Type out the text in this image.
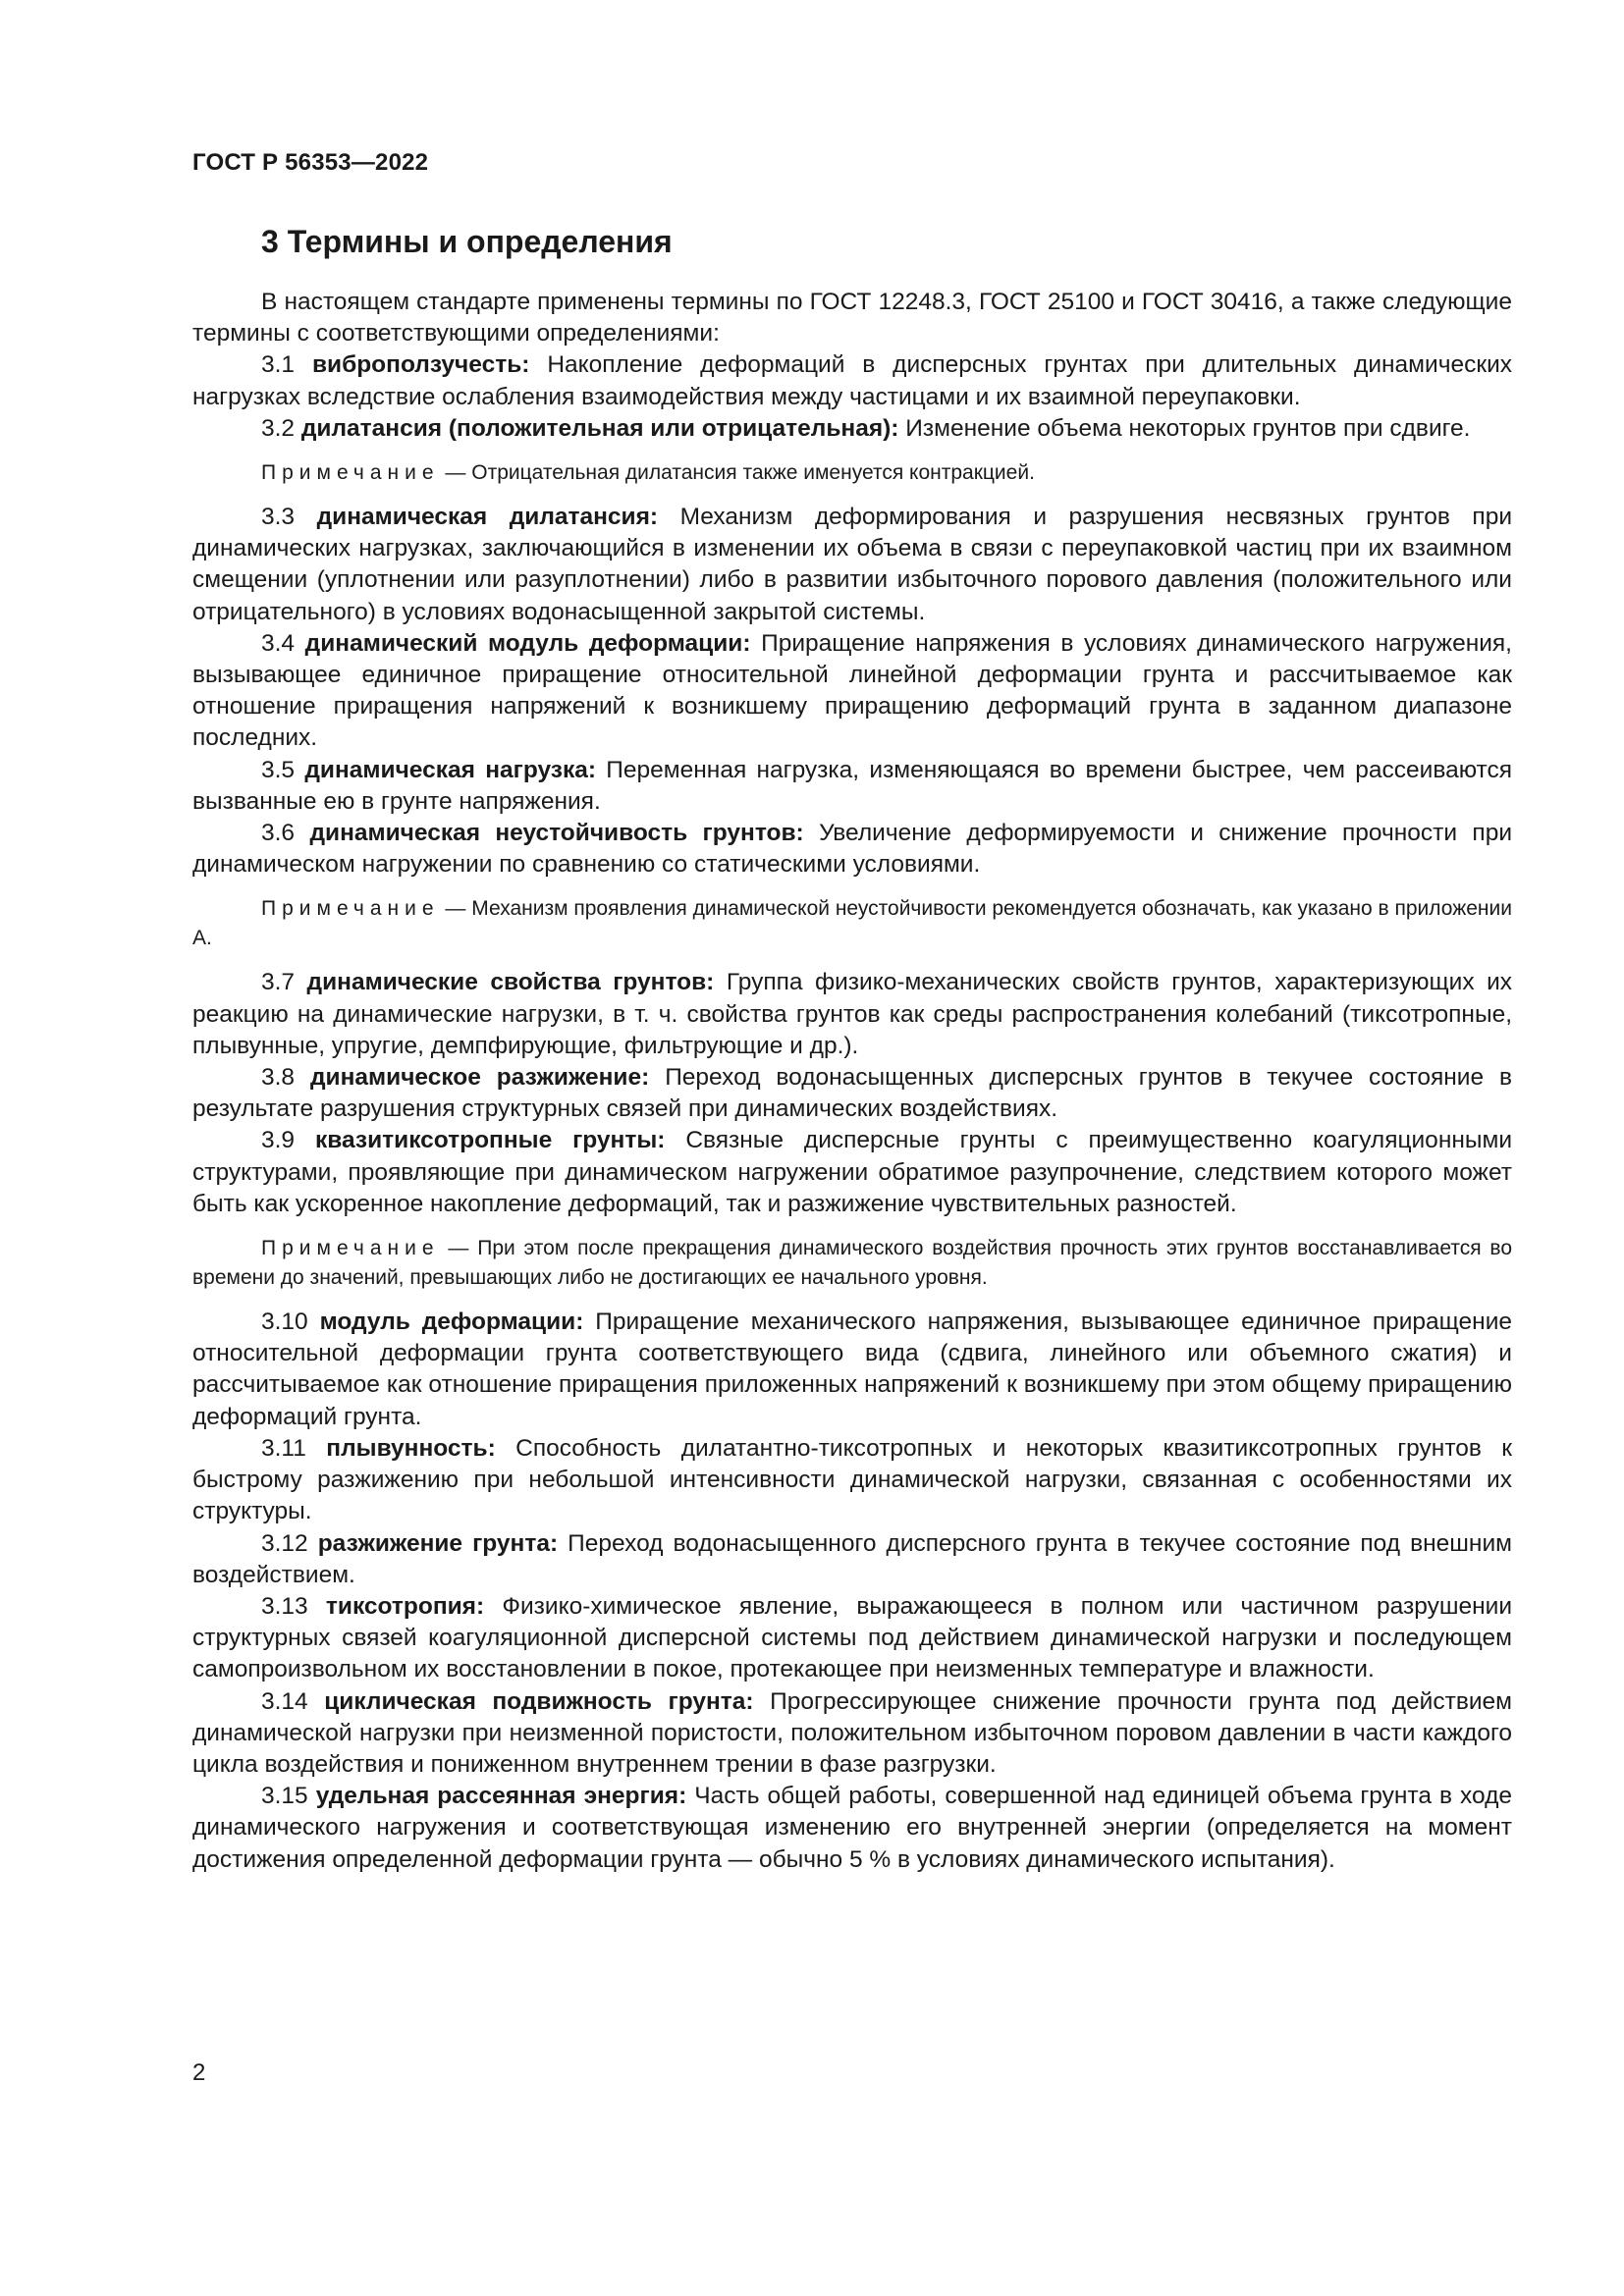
ГОСТ Р 56353—2022
3 Термины и определения

В настоящем стандарте применены термины по ГОСТ 12248.3, ГОСТ 25100 и ГОСТ 30416, а также следующие термины с соответствующими определениями:

3.1 виброползучесть: Накопление деформаций в дисперсных грунтах при длительных динамических нагрузках вследствие ослабления взаимодействия между частицами и их взаимной переупаковки.

3.2 дилатансия (положительная или отрицательная): Изменение объема некоторых грунтов при сдвиге.

Примечание — Отрицательная дилатансия также именуется контракцией.

3.3 динамическая дилатансия: Механизм деформирования и разрушения несвязных грунтов при динамических нагрузках, заключающийся в изменении их объема в связи с переупаковкой частиц при их взаимном смещении (уплотнении или разуплотнении) либо в развитии избыточного порового давления (положительного или отрицательного) в условиях водонасыщенной закрытой системы.

3.4 динамический модуль деформации: Приращение напряжения в условиях динамического нагружения, вызывающее единичное приращение относительной линейной деформации грунта и рассчитываемое как отношение приращения напряжений к возникшему приращению деформаций грунта в заданном диапазоне последних.

3.5 динамическая нагрузка: Переменная нагрузка, изменяющаяся во времени быстрее, чем рассеиваются вызванные ею в грунте напряжения.

3.6 динамическая неустойчивость грунтов: Увеличение деформируемости и снижение прочности при динамическом нагружении по сравнению со статическими условиями.

Примечание — Механизм проявления динамической неустойчивости рекомендуется обозначать, как указано в приложении А.

3.7 динамические свойства грунтов: Группа физико-механических свойств грунтов, характеризующих их реакцию на динамические нагрузки, в т. ч. свойства грунтов как среды распространения колебаний (тиксотропные, плывунные, упругие, демпфирующие, фильтрующие и др.).

3.8 динамическое разжижение: Переход водонасыщенных дисперсных грунтов в текучее состояние в результате разрушения структурных связей при динамических воздействиях.

3.9 квазитиксотропные грунты: Связные дисперсные грунты с преимущественно коагуляционными структурами, проявляющие при динамическом нагружении обратимое разупрочнение, следствием которого может быть как ускоренное накопление деформаций, так и разжижение чувствительных разностей.

Примечание — При этом после прекращения динамического воздействия прочность этих грунтов восстанавливается во времени до значений, превышающих либо не достигающих ее начального уровня.

3.10 модуль деформации: Приращение механического напряжения, вызывающее единичное приращение относительной деформации грунта соответствующего вида (сдвига, линейного или объемного сжатия) и рассчитываемое как отношение приращения приложенных напряжений к возникшему при этом общему приращению деформаций грунта.

3.11 плывунность: Способность дилатантно-тиксотропных и некоторых квазитиксотропных грунтов к быстрому разжижению при небольшой интенсивности динамической нагрузки, связанная с особенностями их структуры.

3.12 разжижение грунта: Переход водонасыщенного дисперсного грунта в текучее состояние под внешним воздействием.

3.13 тиксотропия: Физико-химическое явление, выражающееся в полном или частичном разрушении структурных связей коагуляционной дисперсной системы под действием динамической нагрузки и последующем самопроизвольном их восстановлении в покое, протекающее при неизменных температуре и влажности.

3.14 циклическая подвижность грунта: Прогрессирующее снижение прочности грунта под действием динамической нагрузки при неизменной пористости, положительном избыточном поровом давлении в части каждого цикла воздействия и пониженном внутреннем трении в фазе разгрузки.

3.15 удельная рассеянная энергия: Часть общей работы, совершенной над единицей объема грунта в ходе динамического нагружения и соответствующая изменению его внутренней энергии (определяется на момент достижения определенной деформации грунта — обычно 5 % в условиях динамического испытания).

2
